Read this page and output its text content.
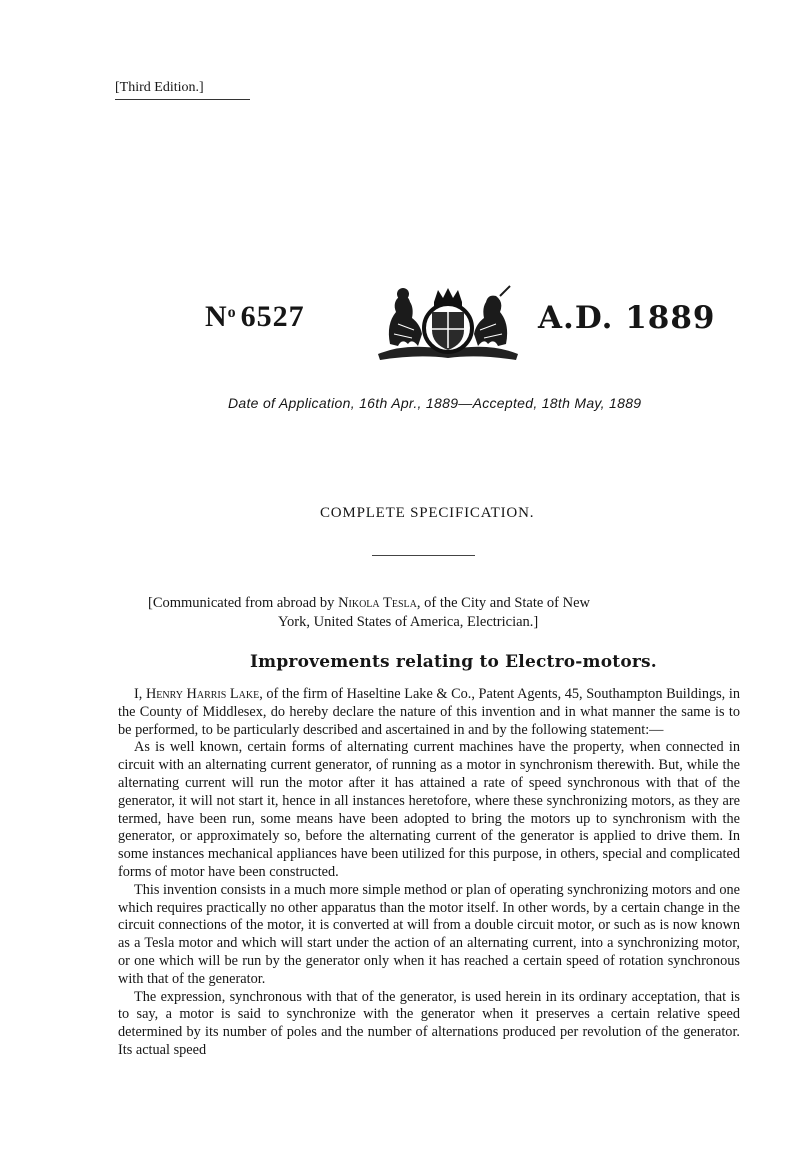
[Third Edition.]
$N^o$ 6527	A.D. 1889
Date of Application, 16th Apr., 1889—Accepted, 18th May, 1889
COMPLETE SPECIFICATION.
[Communicated from abroad by Nikola Tesla, of the City and State of New
York, United States of America, Electrician.]
Improvements relating to Electro-motors.

I, Henry Harris Lake, of the firm of Haseltine Lake & Co., Patent Agents, 45, Southampton Buildings, in the County of Middlesex, do hereby declare the nature of this invention and in what manner the same is to be performed, to be particularly described and ascertained in and by the following statement:—

As is well known, certain forms of alternating current machines have the property, when connected in circuit with an alternating current generator, of running as a motor in synchronism therewith. But, while the alternating current will run the motor after it has attained a rate of speed synchronous with that of the generator, it will not start it, hence in all instances heretofore, where these synchronizing motors, as they are termed, have been run, some means have been adopted to bring the motors up to synchronism with the generator, or approximately so, before the alternating current of the generator is applied to drive them. In some instances mechanical appliances have been utilized for this purpose, in others, special and complicated forms of motor have been constructed.

This invention consists in a much more simple method or plan of operating synchronizing motors and one which requires practically no other apparatus than the motor itself. In other words, by a certain change in the circuit connections of the motor, it is converted at will from a double circuit motor, or such as is now known as a Tesla motor and which will start under the action of an alternating current, into a synchronizing motor, or one which will be run by the generator only when it has reached a certain speed of rotation synchronous with that of the generator.

The expression, synchronous with that of the generator, is used herein in its ordinary acceptation, that is to say, a motor is said to synchronize with the generator when it preserves a certain relative speed determined by its number of poles and the number of alternations produced per revolution of the generator. Its actual speed
